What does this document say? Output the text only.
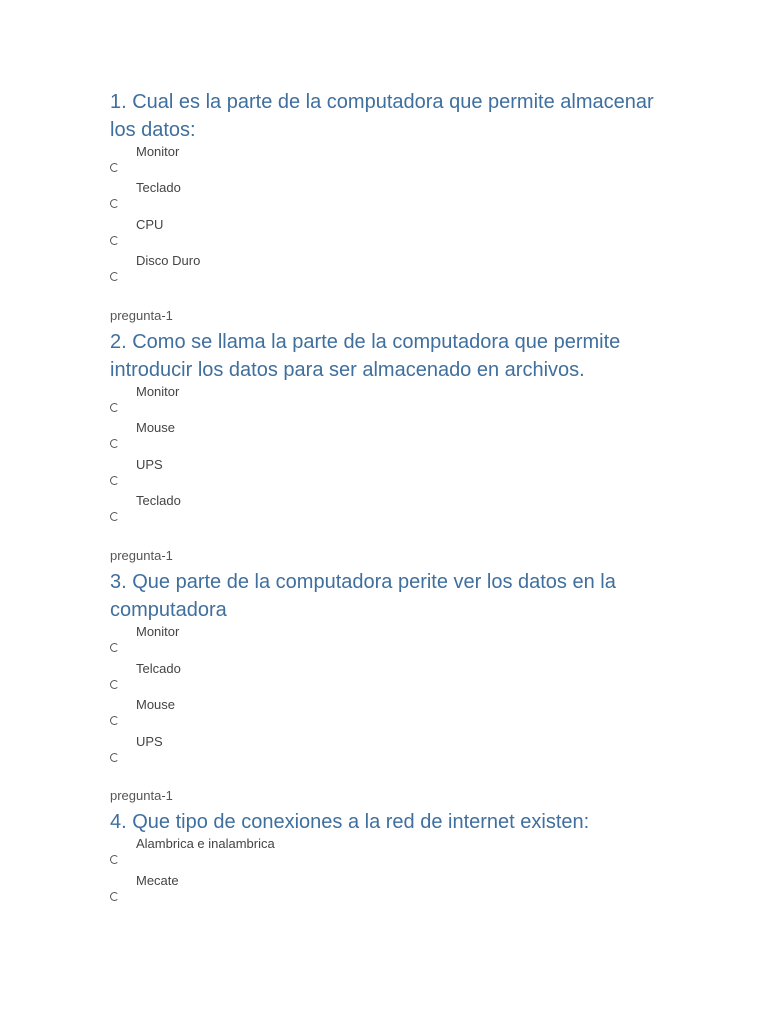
1. Cual es la parte de la computadora que permite almacenar los datos:
Monitor
Teclado
CPU
Disco Duro
pregunta-1
2. Como se llama la parte de la computadora que permite introducir los datos para ser almacenado en archivos.
Monitor
Mouse
UPS
Teclado
pregunta-1
3. Que parte de la computadora perite ver los datos en la computadora
Monitor
Telcado
Mouse
UPS
pregunta-1
4. Que tipo de conexiones a la red de internet existen:
Alambrica e inalambrica
Mecate
